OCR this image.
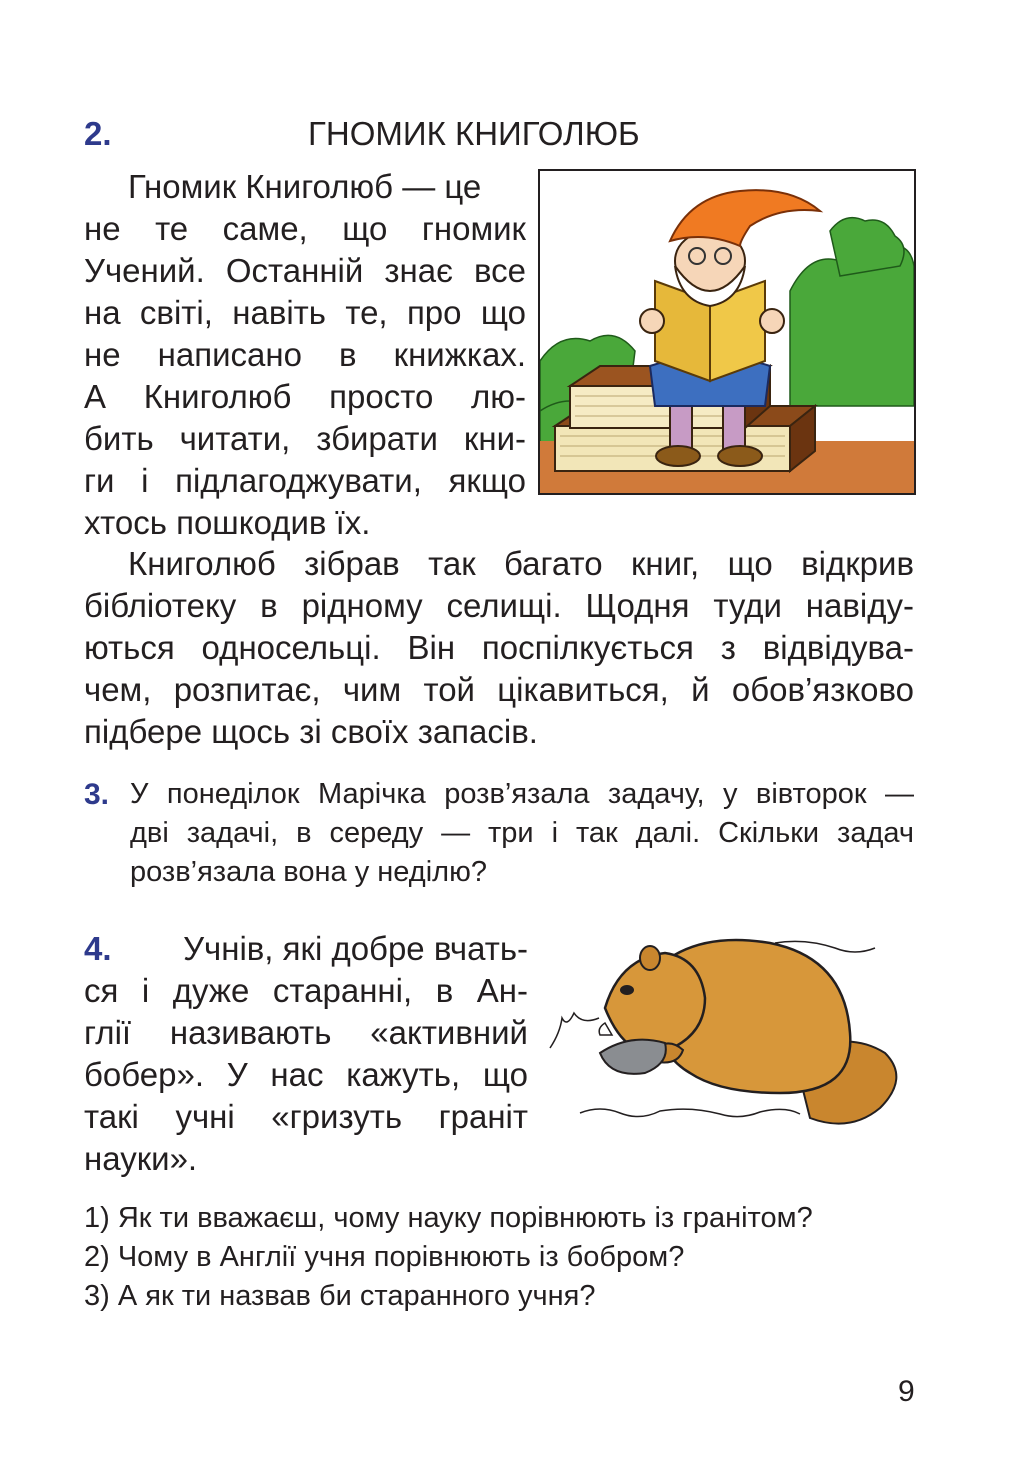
2.	ГНОМИК КНИГОЛЮБ
Гномик Книголюб — це
не те саме, що гномик
Учений. Останній знає все
на світі, навіть те, про що
не написано в книжках.
А Книголюб просто лю-
бить читати, збирати кни-
ги і підлагоджувати, якщо
хтось пошкодив їх.
Книголюб зібрав так багато книг, що відкрив
бібліотеку в рідному селищі. Щодня туди навіду-
ються односельці. Він поспілкується з відвідува-
чем, розпитає, чим той цікавиться, й обов’язково
підбере щось зі своїх запасів.
3. У понеділок Марічка розв’язала задачу, у вівторок —
дві задачі, в середу — три і так далі. Скільки задач
розв’язала вона у неділю?
4.	Учнів, які добре вчать-
ся і дуже старанні, в Ан-
глії називають «активний
бобер». У нас кажуть, що
такі учні «гризуть граніт
науки».
1) Як ти вважаєш, чому науку порівнюють із гранітом?
2) Чому в Англії учня порівнюють із бобром?
3) А як ти назвав би старанного учня?
9
